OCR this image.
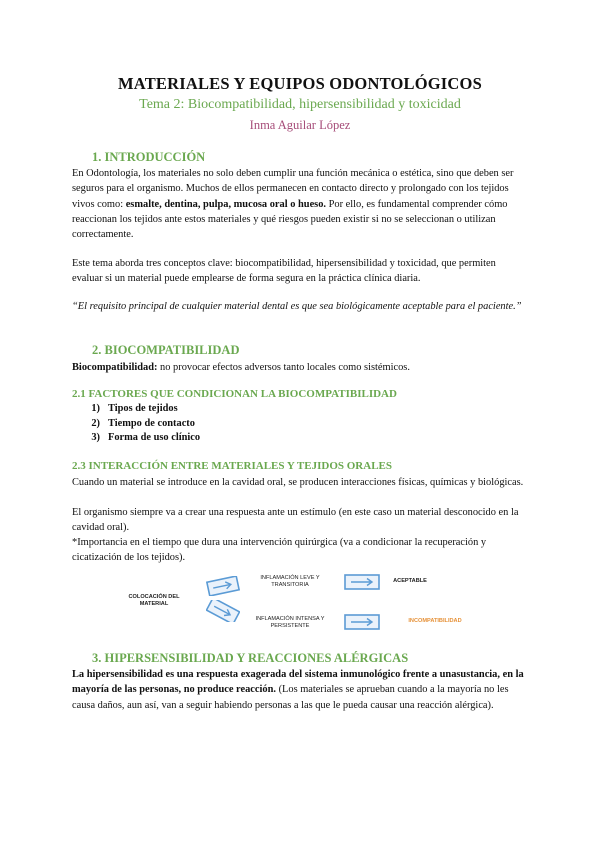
MATERIALES Y EQUIPOS ODONTOLÓGICOS
Tema 2: Biocompatibilidad, hipersensibilidad y toxicidad
Inma Aguilar López
1. INTRODUCCIÓN
En Odontología, los materiales no solo deben cumplir una función mecánica o estética, sino que deben ser seguros para el organismo. Muchos de ellos permanecen en contacto directo y prolongado con los tejidos vivos como: esmalte, dentina, pulpa, mucosa oral o hueso. Por ello, es fundamental comprender cómo reaccionan los tejidos ante estos materiales y qué riesgos pueden existir si no se seleccionan o utilizan correctamente.
Este tema aborda tres conceptos clave: biocompatibilidad, hipersensibilidad y toxicidad, que permiten evaluar si un material puede emplearse de forma segura en la práctica clínica diaria.
“El requisito principal de cualquier material dental es que sea biológicamente aceptable para el paciente.”
2. BIOCOMPATIBILIDAD
Biocompatibilidad: no provocar efectos adversos tanto locales como sistémicos.
2.1 FACTORES QUE CONDICIONAN LA BIOCOMPATIBILIDAD
1) Tipos de tejidos
2) Tiempo de contacto
3) Forma de uso clínico
2.3 INTERACCIÓN ENTRE MATERIALES Y TEJIDOS ORALES
Cuando un material se introduce en la cavidad oral, se producen interacciones físicas, químicas y biológicas.
El organismo siempre va a crear una respuesta ante un estímulo (en este caso un material desconocido en la cavidad oral).
*Importancia en el tiempo que dura una intervención quirúrgica (va a condicionar la recuperación y cicatización de los tejidos).
COLOCACIÓN DEL MATERIAL
INFLAMACIÓN LEVE Y TRANSITORIA
INFLAMACIÓN INTENSA Y PERSISTENTE
ACEPTABLE
INCOMPATIBILIDAD
3. HIPERSENSIBILIDAD Y REACCIONES ALÉRGICAS
La hipersensibilidad es una respuesta exagerada del sistema inmunológico frente a unasustancia, en la mayoría de las personas, no produce reacción. (Los materiales se aprueban cuando a la mayoría no les causa daños, aun así, van a seguir habiendo personas a las que le pueda causar una reacción alérgica).
